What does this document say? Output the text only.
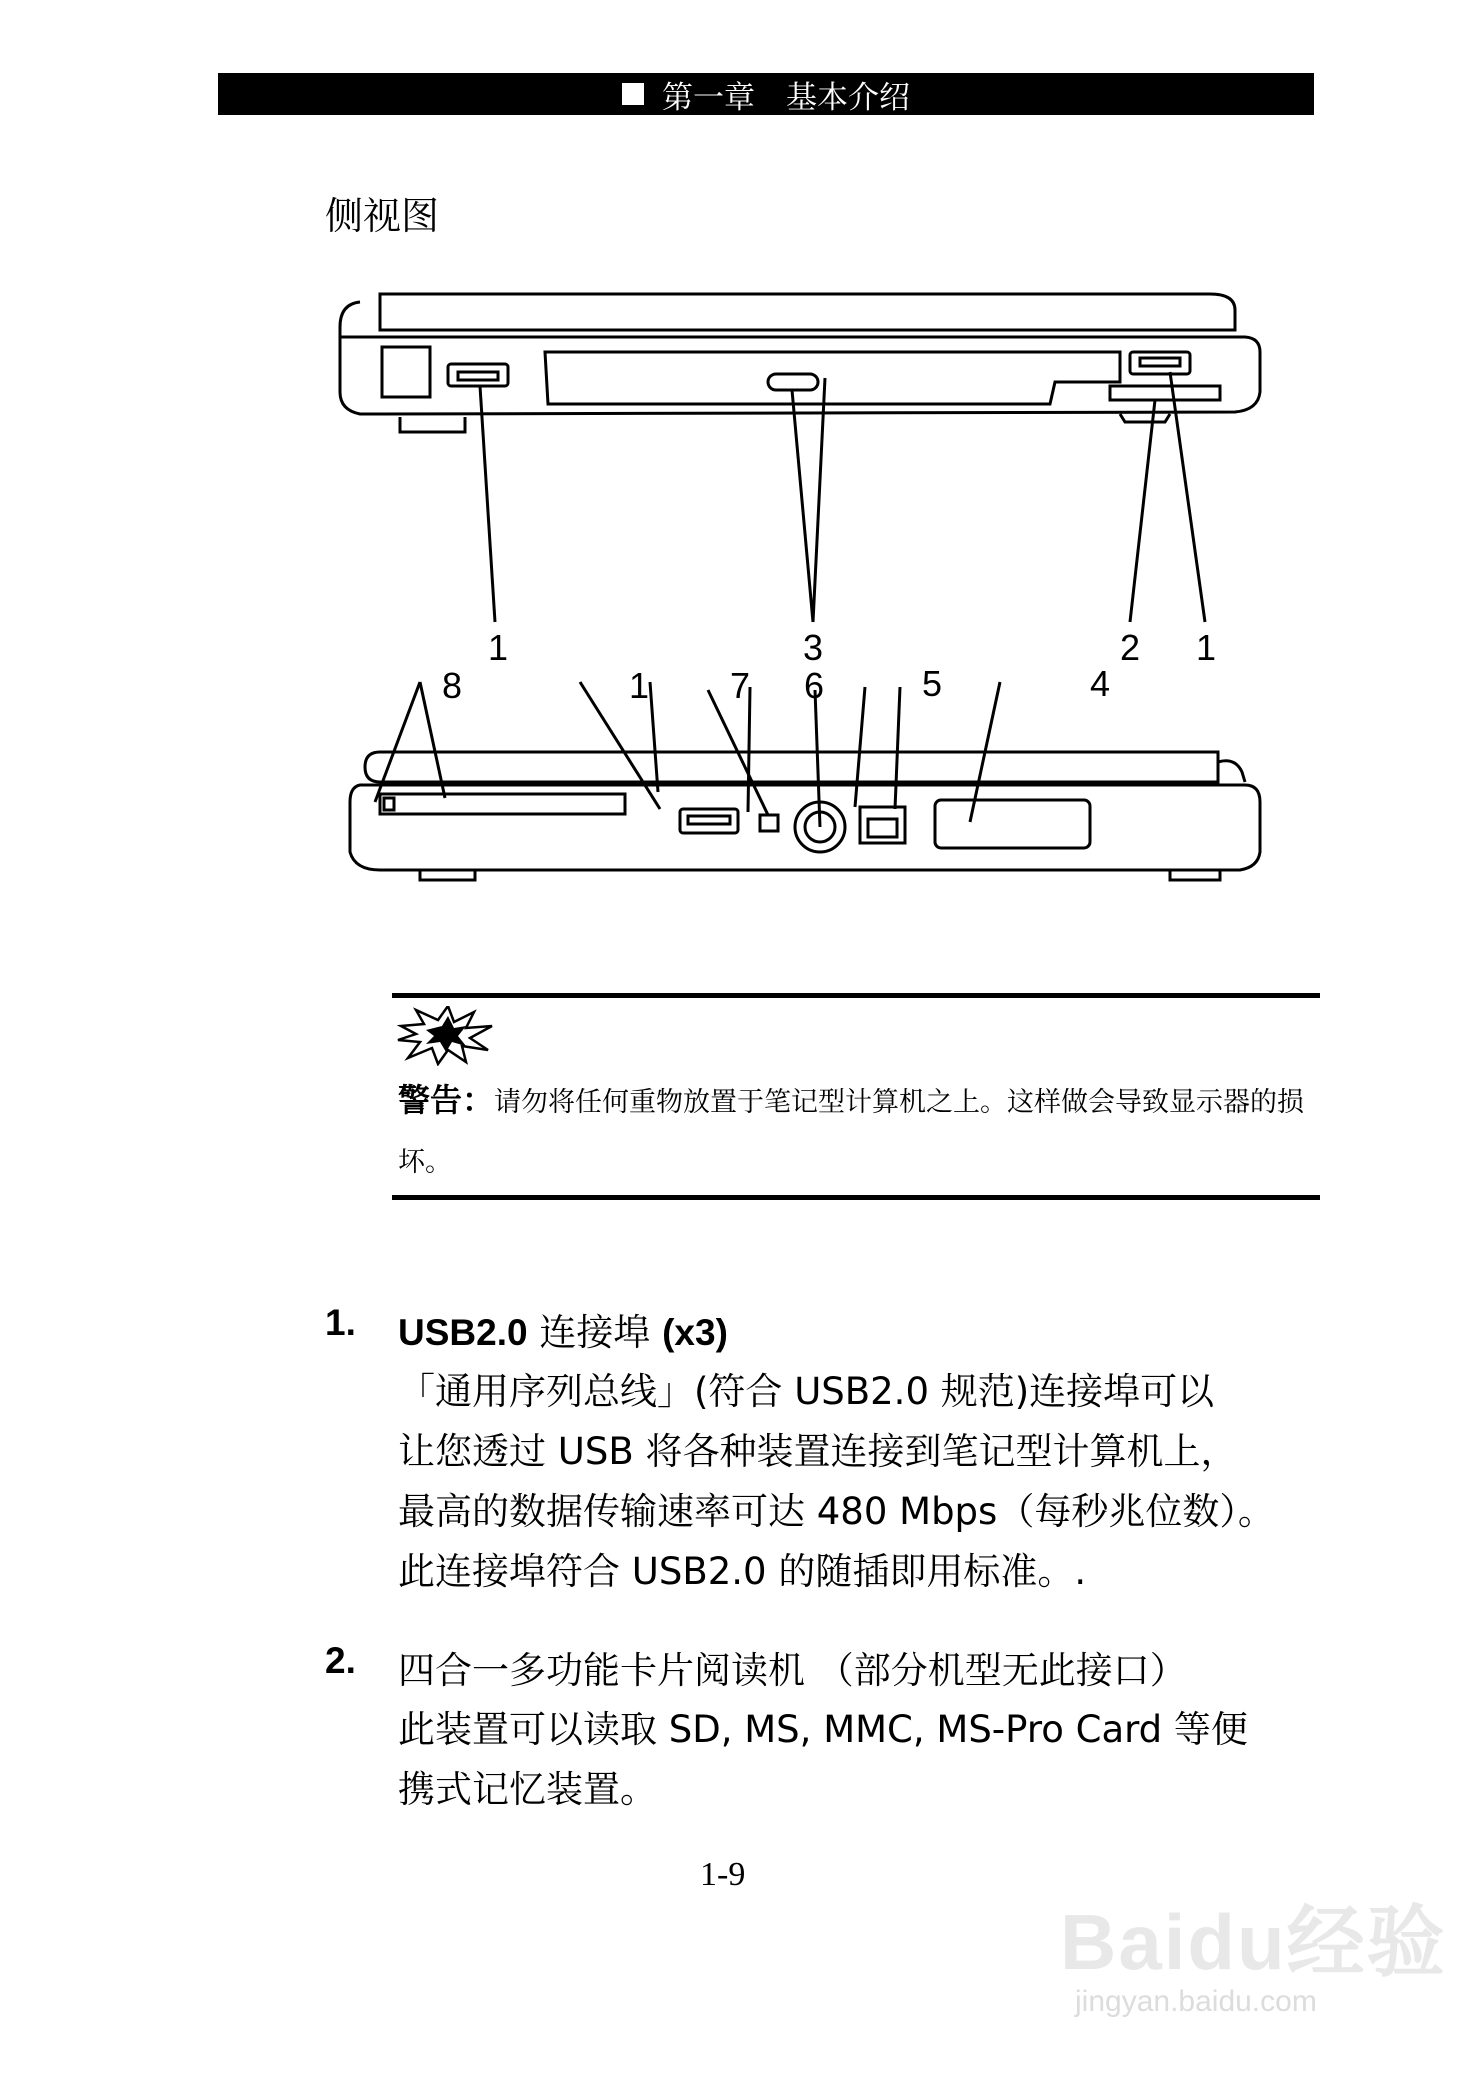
第一章　基本介绍
侧视图
1	3	2 1
8	1 7 6	5	4
警告：请勿将任何重物放置于笔记型计算机之上。这样做会导致显示器的损坏。
1. USB2.0 连接埠 (x3)
「通用序列总线」(符合 USB2.0 规范)连接埠可以
让您透过 USB 将各种装置连接到笔记型计算机上，
最高的数据传输速率可达 480 Mbps（每秒兆位数）。
此连接埠符合 USB2.0 的随插即用标准。.
2. 四合一多功能卡片阅读机 （部分机型无此接口）
此装置可以读取 SD, MS, MMC, MS-Pro Card 等便
携式记忆装置。
1-9
Baidu经验
jingyan.baidu.com
